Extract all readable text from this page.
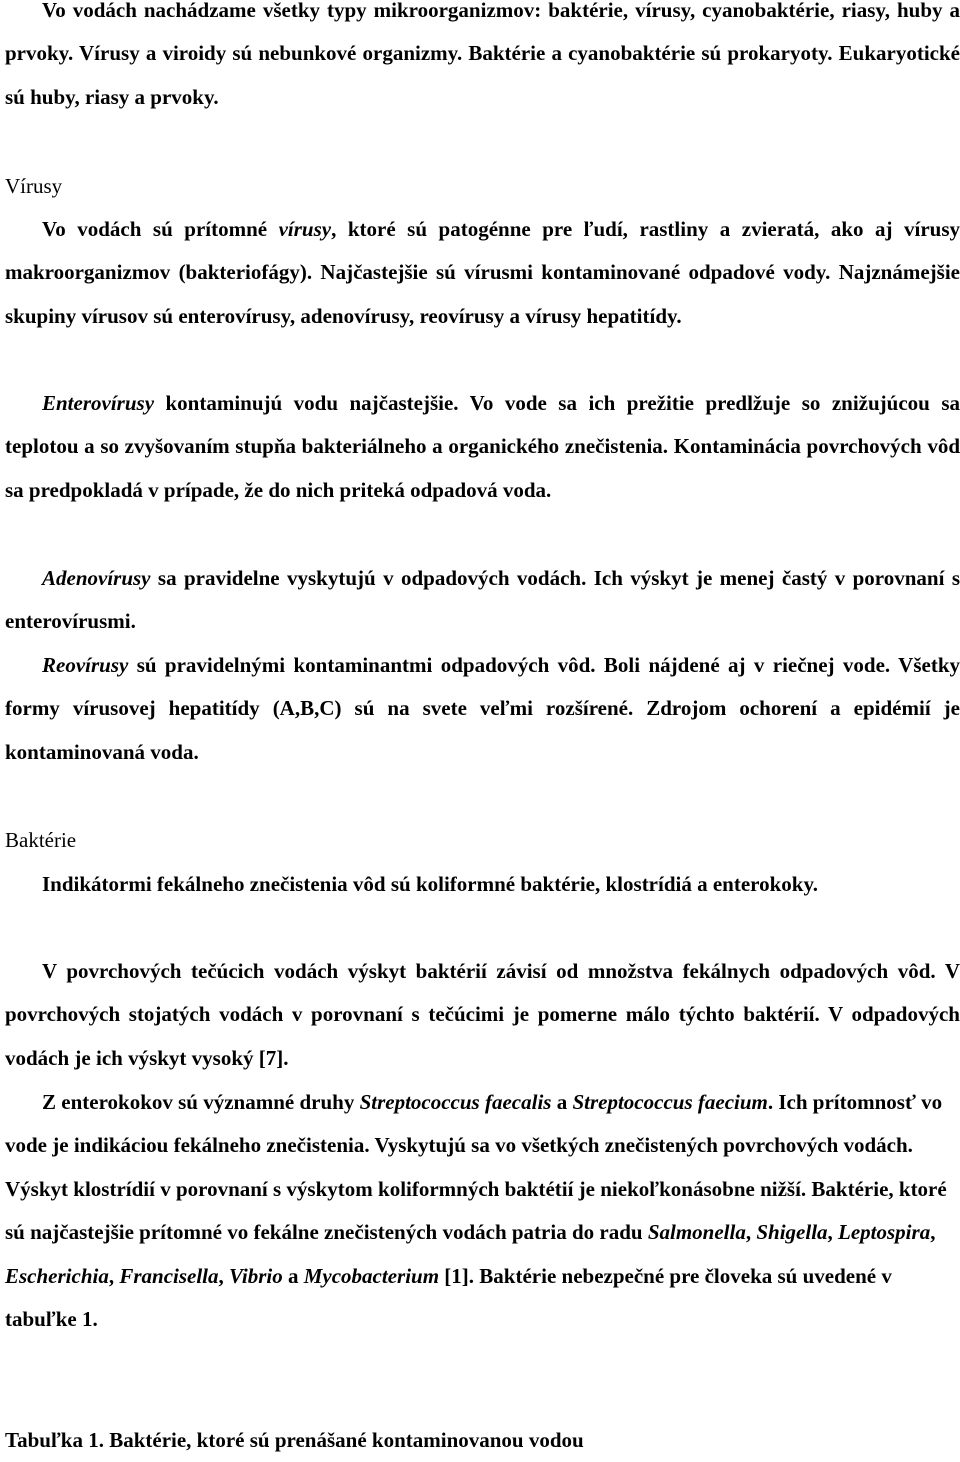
Vo vodách nachádzame všetky typy mikroorganizmov: baktérie, vírusy, cyanobaktérie, riasy, huby a prvoky. Vírusy a viroidy sú nebunkové organizmy. Baktérie a cyanobaktérie sú prokaryoty. Eukaryotické sú huby, riasy a prvoky.

Vírusy

Vo vodách sú prítomné vírusy, ktoré sú patogénne pre ľudí, rastliny a zvieratá, ako aj vírusy makroorganizmov (bakteriofágy). Najčastejšie sú vírusmi kontaminované odpadové vody. Najznámejšie skupiny vírusov sú enterovírusy, adenovírusy, reovírusy a vírusy hepatitídy.

Enterovírusy kontaminujú vodu najčastejšie. Vo vode sa ich prežitie predlžuje so znižujúcou sa teplotou a so zvyšovaním stupňa bakteriálneho a organického znečistenia. Kontaminácia povrchových vôd sa predpokladá v prípade, že do nich priteká odpadová voda.

Adenovírusy sa pravidelne vyskytujú v odpadových vodách. Ich výskyt je menej častý v porovnaní s enterovírusmi.

Reovírusy sú pravidelnými kontaminantmi odpadových vôd. Boli nájdené aj v riečnej vode. Všetky formy vírusovej hepatitídy (A,B,C) sú na svete veľmi rozšírené. Zdrojom ochorení a epidémií je kontaminovaná voda.

Baktérie

Indikátormi fekálneho znečistenia vôd sú koliformné baktérie, klostrídiá a enterokoky.

V povrchových tečúcich vodách výskyt baktérií závisí od množstva fekálnych odpadových vôd. V povrchových stojatých vodách v porovnaní s tečúcimi je pomerne málo týchto baktérií. V odpadových vodách je ich výskyt vysoký [7].

Z enterokokov sú významné druhy Streptococcus faecalis a Streptococcus faecium. Ich prítomnosť vo vode je indikáciou fekálneho znečistenia. Vyskytujú sa vo všetkých znečistených povrchových vodách. Výskyt klostrídií v porovnaní s výskytom koliformných baktétií je niekoľkonásobne nižší. Baktérie, ktoré sú najčastejšie prítomné vo fekálne znečistených vodách patria do radu Salmonella, Shigella, Leptospira, Escherichia, Francisella, Vibrio a Mycobacterium [1]. Baktérie nebezpečné pre človeka sú uvedené v tabuľke 1.

Tabuľka 1. Baktérie, ktoré sú prenášané kontaminovanou vodou
